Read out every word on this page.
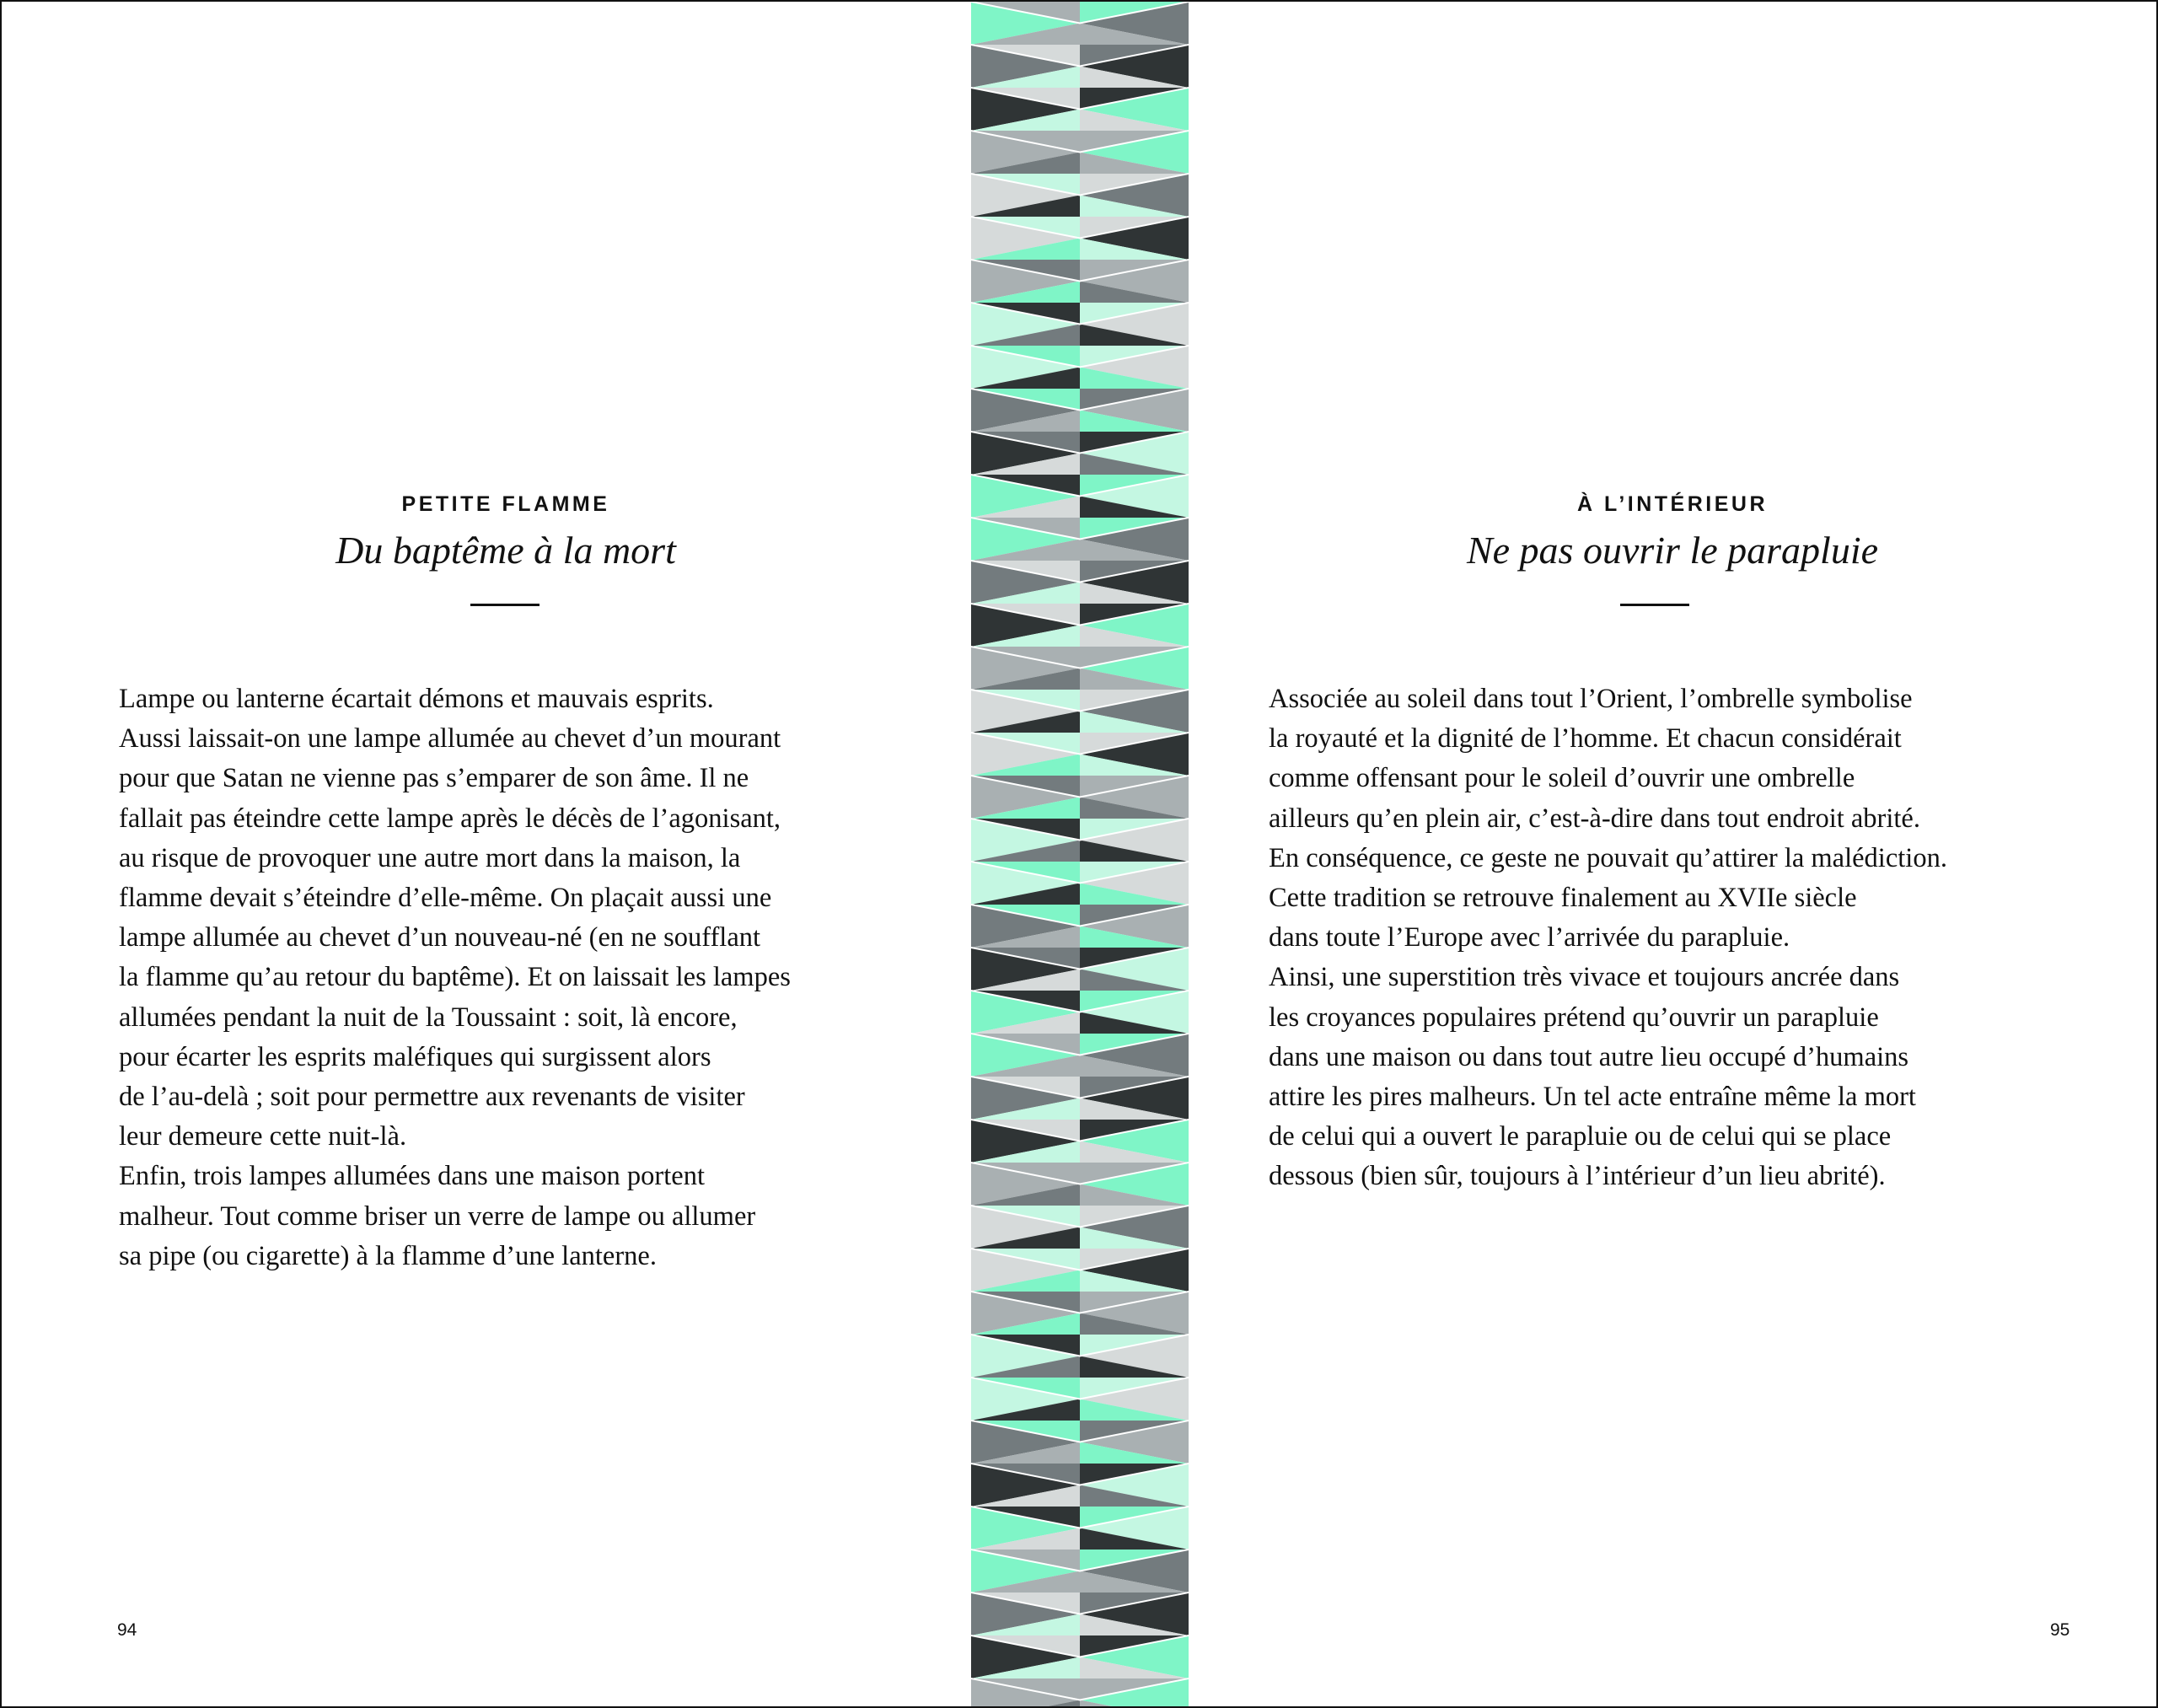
PETITE FLAMME
Du baptême à la mort
Lampe ou lanterne écartait démons et mauvais esprits.
Aussi laissait-on une lampe allumée au chevet d’un mourant
pour que Satan ne vienne pas s’emparer de son âme. Il ne
fallait pas éteindre cette lampe après le décès de l’agonisant,
au risque de provoquer une autre mort dans la maison, la
flamme devait s’éteindre d’elle-même. On plaçait aussi une
lampe allumée au chevet d’un nouveau-né (en ne soufflant
la flamme qu’au retour du baptême). Et on laissait les lampes
allumées pendant la nuit de la Toussaint : soit, là encore,
pour écarter les esprits maléfiques qui surgissent alors
de l’au-delà ; soit pour permettre aux revenants de visiter
leur demeure cette nuit-là.
Enfin, trois lampes allumées dans une maison portent
malheur. Tout comme briser un verre de lampe ou allumer
sa pipe (ou cigarette) à la flamme d’une lanterne.
94
À L’INTÉRIEUR
Ne pas ouvrir le parapluie
Associée au soleil dans tout l’Orient, l’ombrelle symbolise
la royauté et la dignité de l’homme. Et chacun considérait
comme offensant pour le soleil d’ouvrir une ombrelle
ailleurs qu’en plein air, c’est-à-dire dans tout endroit abrité.
En conséquence, ce geste ne pouvait qu’attirer la malédiction.
Cette tradition se retrouve finalement au XVIIe siècle
dans toute l’Europe avec l’arrivée du parapluie.
Ainsi, une superstition très vivace et toujours ancrée dans
les croyances populaires prétend qu’ouvrir un parapluie
dans une maison ou dans tout autre lieu occupé d’humains
attire les pires malheurs. Un tel acte entraîne même la mort
de celui qui a ouvert le parapluie ou de celui qui se place
dessous (bien sûr, toujours à l’intérieur d’un lieu abrité).
95
